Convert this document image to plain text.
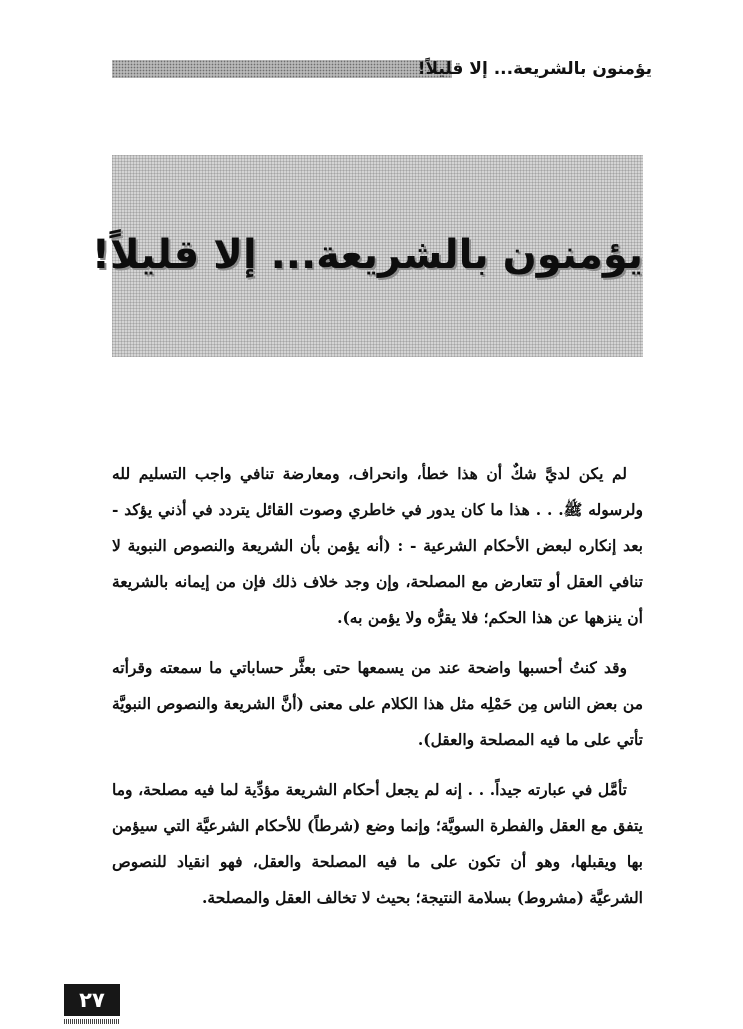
يؤمنون بالشريعة... إلا قليلاً!
يؤمنون بالشريعة... إلا قليلاً!

لم يكن لديَّ شكٌ أن هذا خطأ، وانحراف، ومعارضة تنافي واجب التسليم لله ولرسوله ﷺ. . . هذا ما كان يدور في خاطري وصوت القائل يتردد في أذني يؤكد - بعد إنكاره لبعض الأحكام الشرعية - : (أنه يؤمن بأن الشريعة والنصوص النبوية لا تنافي العقل أو تتعارض مع المصلحة، وإن وجد خلاف ذلك فإن من إيمانه بالشريعة أن ينزهها عن هذا الحكم؛ فلا يقرُّه ولا يؤمن به).

وقد كنتُ أحسبها واضحة عند من يسمعها حتى بعثَّر حساباتي ما سمعته وقرأته من بعض الناس مِن حَمْلِه مثل هذا الكلام على معنى (أنَّ الشريعة والنصوص النبويَّة تأتي على ما فيه المصلحة والعقل).

تأمَّل في عبارته جيداً. . . إنه لم يجعل أحكام الشريعة مؤدِّية لما فيه مصلحة، وما يتفق مع العقل والفطرة السويَّة؛ وإنما وضع (شرطاً) للأحكام الشرعيَّة التي سيؤمن بها ويقبلها، وهو أن تكون على ما فيه المصلحة والعقل، فهو انقياد للنصوص الشرعيَّة (مشروط) بسلامة النتيجة؛ بحيث لا تخالف العقل والمصلحة.

٢٧
